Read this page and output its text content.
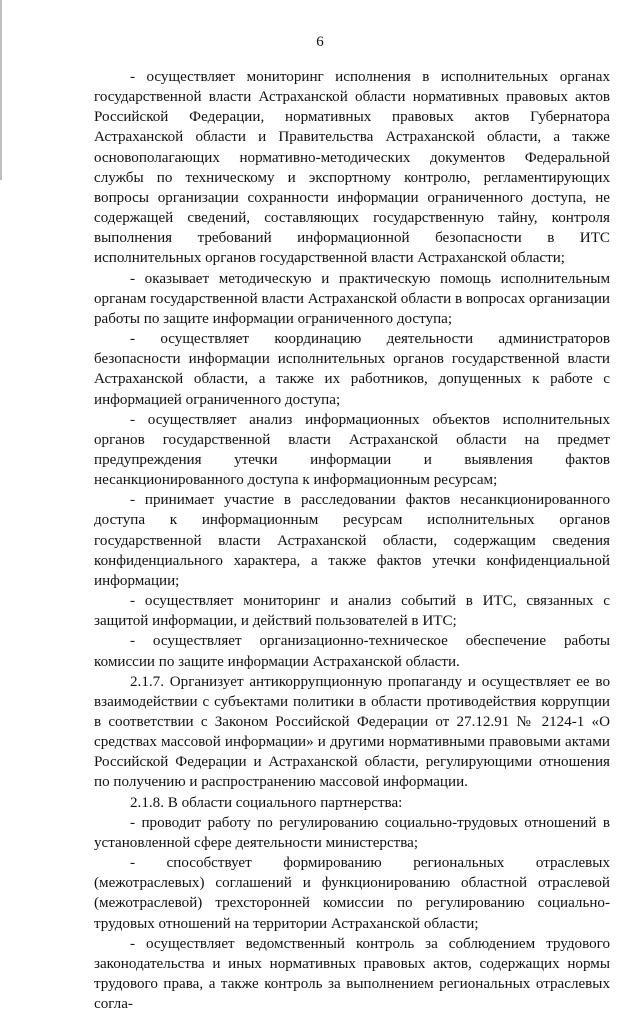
6

- осуществляет мониторинг исполнения в исполнительных органах государственной власти Астраханской области нормативных правовых актов Российской Федерации, нормативных правовых актов Губернатора Астраханской области и Правительства Астраханской области, а также основополагающих нормативно-методических документов Федеральной службы по техническому и экспортному контролю, регламентирующих вопросы организации сохранности информации ограниченного доступа, не содержащей сведений, составляющих государственную тайну, контроля выполнения требований информационной безопасности в ИТС исполнительных органов государственной власти Астраханской области;

- оказывает методическую и практическую помощь исполнительным органам государственной власти Астраханской области в вопросах организации работы по защите информации ограниченного доступа;

- осуществляет координацию деятельности администраторов безопасности информации исполнительных органов государственной власти Астраханской области, а также их работников, допущенных к работе с информацией ограниченного доступа;

- осуществляет анализ информационных объектов исполнительных органов государственной власти Астраханской области на предмет предупреждения утечки информации и выявления фактов несанкционированного доступа к информационным ресурсам;

- принимает участие в расследовании фактов несанкционированного доступа к информационным ресурсам исполнительных органов государственной власти Астраханской области, содержащим сведения конфиденциального характера, а также фактов утечки конфиденциальной информации;

- осуществляет мониторинг и анализ событий в ИТС, связанных с защитой информации, и действий пользователей в ИТС;

- осуществляет организационно-техническое обеспечение работы комиссии по защите информации Астраханской области.

2.1.7. Организует антикоррупционную пропаганду и осуществляет ее во взаимодействии с субъектами политики в области противодействия коррупции в соответствии с Законом Российской Федерации от 27.12.91 № 2124-1 «О средствах массовой информации» и другими нормативными правовыми актами Российской Федерации и Астраханской области, регулирующими отношения по получению и распространению массовой информации.

2.1.8. В области социального партнерства:

- проводит работу по регулированию социально-трудовых отношений в установленной сфере деятельности министерства;

- способствует формированию региональных отраслевых (межотраслевых) соглашений и функционированию областной отраслевой (межотраслевой) трехсторонней комиссии по регулированию социально-трудовых отношений на территории Астраханской области;

- осуществляет ведомственный контроль за соблюдением трудового законодательства и иных нормативных правовых актов, содержащих нормы трудового права, а также контроль за выполнением региональных отраслевых согла-
